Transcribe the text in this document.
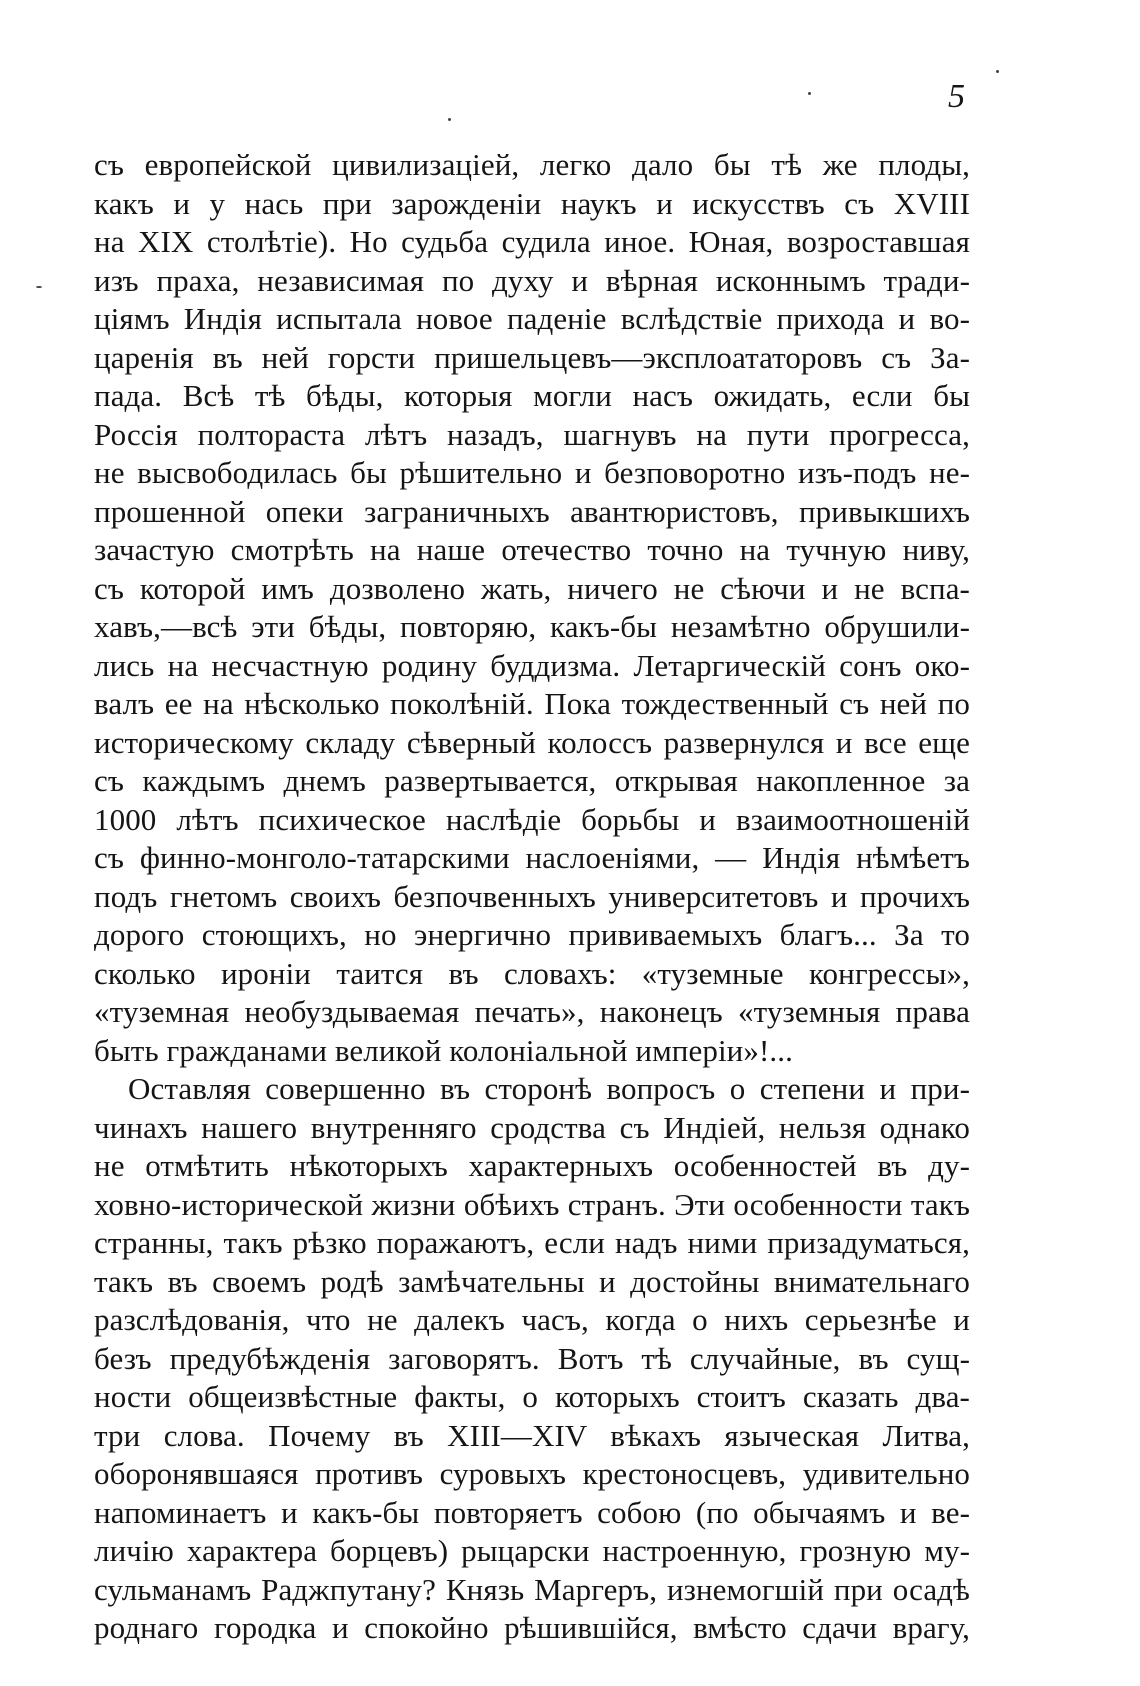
5
съ европейской цивилизацiей, легко дало бы тѣ же плоды,
какъ и у нась при зарожденiи наукъ и искусствъ съ XVIII
на XIX столѣтiе). Но судьба судила иное. Юная, возроставшая
изъ праха, независимая по духу и вѣрная исконнымъ тради-
цiямъ Индiя испытала новое паденiе вслѣдствiе прихода и во-
царенiя въ ней горсти пришельцевъ—эксплоататоровъ съ За-
пада. Всѣ тѣ бѣды, которыя могли насъ ожидать, если бы
Россiя полтораста лѣтъ назадъ, шагнувъ на пути прогресса,
не высвободилась бы рѣшительно и безповоротно изъ-подъ не-
прошенной опеки заграничныхъ авантюристовъ, привыкшихъ
зачастую смотрѣть на наше отечество точно на тучную ниву,
съ которой имъ дозволено жать, ничего не сѣючи и не вспа-
хавъ,—всѣ эти бѣды, повторяю, какъ-бы незамѣтно обрушили-
лись на несчастную родину буддизма. Летаргическiй сонъ око-
валъ ее на нѣсколько поколѣнiй. Пока тождественный съ ней по
историческому складу сѣверный колоссъ развернулся и все еще
съ каждымъ днемъ развертывается, открывая накопленное за
1000 лѣтъ психическое наслѣдiе борьбы и взаимоотношенiй
съ финно-монголо-татарскими наслоенiями, — Индiя нѣмѣетъ
подъ гнетомъ своихъ безпочвенныхъ университетовъ и прочихъ
дорого стоющихъ, но энергично прививаемыхъ благъ... За то
сколько иронiи таится въ словахъ: «туземные конгрессы»,
«туземная необуздываемая печать», наконецъ «туземныя права
быть гражданами великой колонiальной имперiи»!...
Оставляя совершенно въ сторонѣ вопросъ о степени и при-
чинахъ нашего внутренняго сродства съ Индiей, нельзя однако
не отмѣтить нѣкоторыхъ характерныхъ особенностей въ ду-
ховно-исторической жизни обѣихъ странъ. Эти особенности такъ
странны, такъ рѣзко поражаютъ, если надъ ними призадуматься,
такъ въ своемъ родѣ замѣчательны и достойны внимательнаго
разслѣдованiя, что не далекъ часъ, когда о нихъ серьезнѣе и
безъ предубѣжденiя заговорятъ. Вотъ тѣ случайные, въ сущ-
ности общеизвѣстные факты, о которыхъ стоитъ сказать два-
три слова. Почему въ XIII—XIV вѣкахъ языческая Литва,
оборонявшаяся противъ суровыхъ крестоносцевъ, удивительно
напоминаетъ и какъ-бы повторяетъ собою (по обычаямъ и ве-
личiю характера борцевъ) рыцарски настроенную, грозную му-
сульманамъ Раджпутану? Князь Маргеръ, изнемогшiй при осадѣ
роднаго городка и спокойно рѣшившiйся, вмѣсто сдачи врагу,
